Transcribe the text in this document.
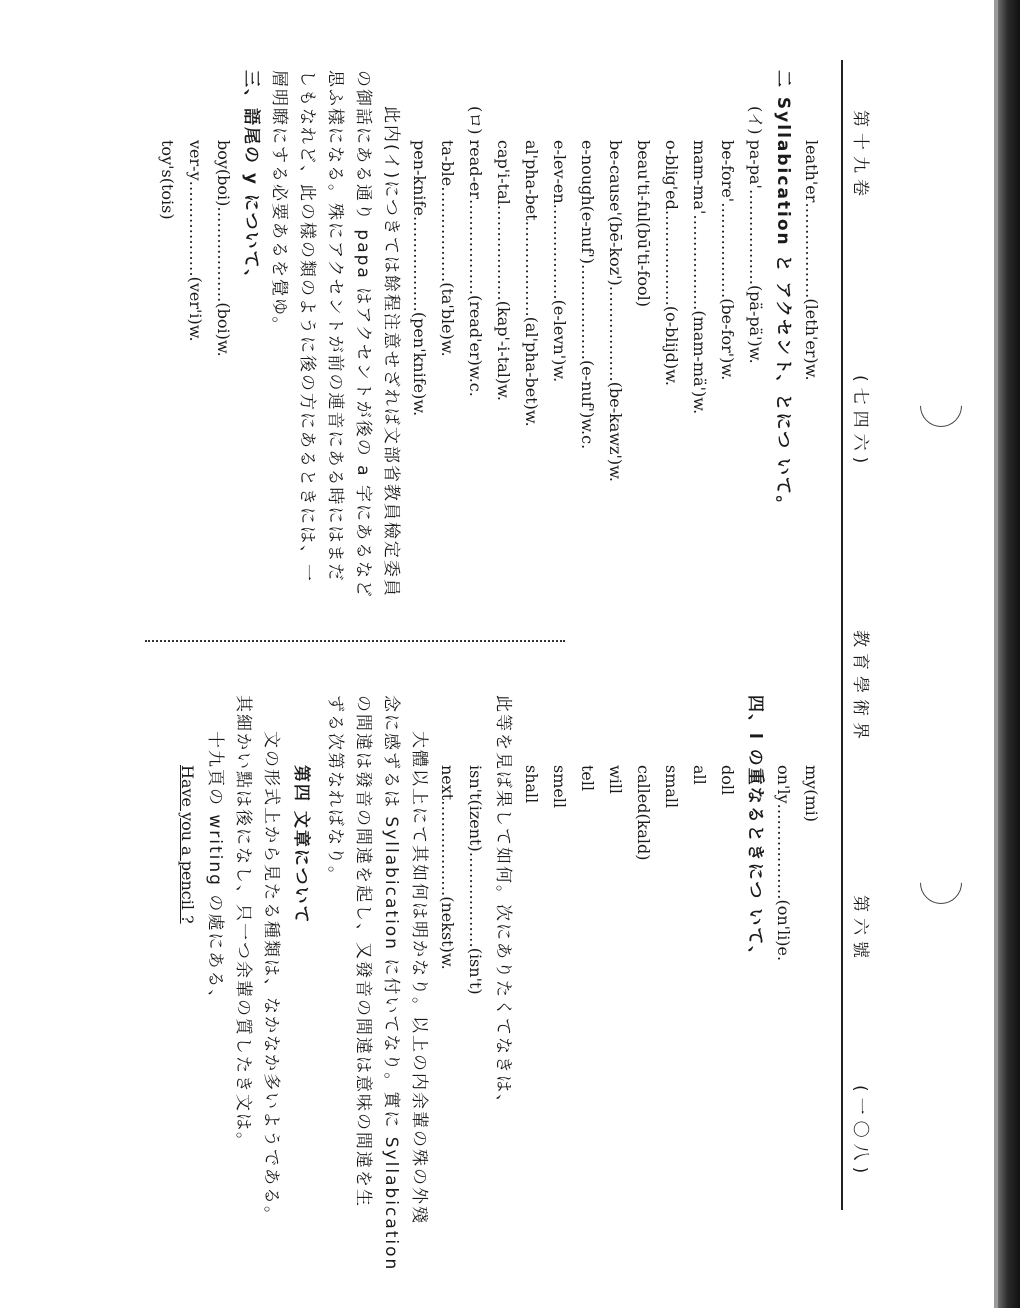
第十九卷
(七四六)
教育學術界
第六號
(一〇八)
leath'er………………(leth'er)w.
二 Syllabication と アクセント、とにつ いて。
(イ) pa-pa'………………(pä-pä')w.
be-fore'………………(be-for')w.
mam-ma'………………(mam-mä')w.
o-blig'ed………………(o-blijd)w.
beau'ti-ful(bū'ti-fool)
be-cause'(bē-koz')………………(be-kawz')w.
e-nough(e-nuf')………………(e-nuf')w.c.
e-lev-en………………(e-levn')w.
al'pha-bet………………(al'pha-bet)w.
cap'i-tal………………(kap'-i-tal)w.
(ロ) read-er………………(read'er)w.c.
ta-ble………………(ta'ble)w.
pen-knife………………(pen'knife)w.
此内(イ)につきては餘程注意せざれば文部省教員檢定委員
の御話にある通り papa はアクセントが後の a 字にあるなど
思ふ樣になる。殊にアクセントが前の連音にある時にはまだ
しもなれど、此の樣の類のように後の方にあるときには、一
層明瞭にする必要あるを覺ゆ。
三、語尾の y について、
boy(boi)………………(boi)w.
ver-y………………(ver'i)w.
toy's(tois)
my(mi)
on'ly………………(on'li)e.
四、l の重なるときにつ いて、
doll
all
small
called(kald)
will
tell
smell
shall
此等を見ば果して如何。次にありたくてなきは、
isn't(izent)………………(isn't)
next………………(nekst)w.
大體以上にて其如何は明かなり。以上の内余輩の殊の外殘
念に感ずるは Syllabication に付いてなり。實に Syllabication
の間違は發音の間違を起し、又發音の間違は意味の間違を生
ずる次第なればなり。
第四 文章について
文の形式上から見たる種類は、なかなか多いようである。
其細かい點は後になし、只一つ余輩の質したき文は。
十九頁の writing の處にある、
Have you a pencil ?
